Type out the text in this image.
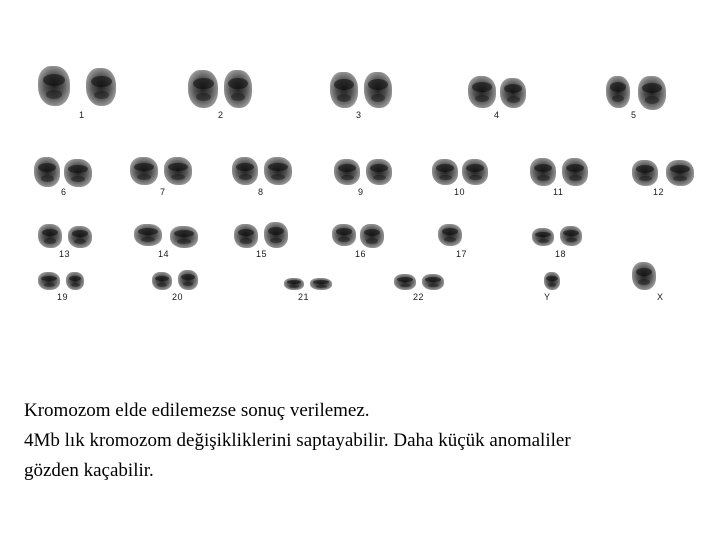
1	2	3	4	5
6	7	8	9	10	11	12
13	14	15	16	17	18
19	20	21	22	Y	X

Kromozom elde edilemezse sonuç verilemez.

4Mb lık kromozom değişikliklerini saptayabilir. Daha küçük anomaliler

gözden kaçabilir.
